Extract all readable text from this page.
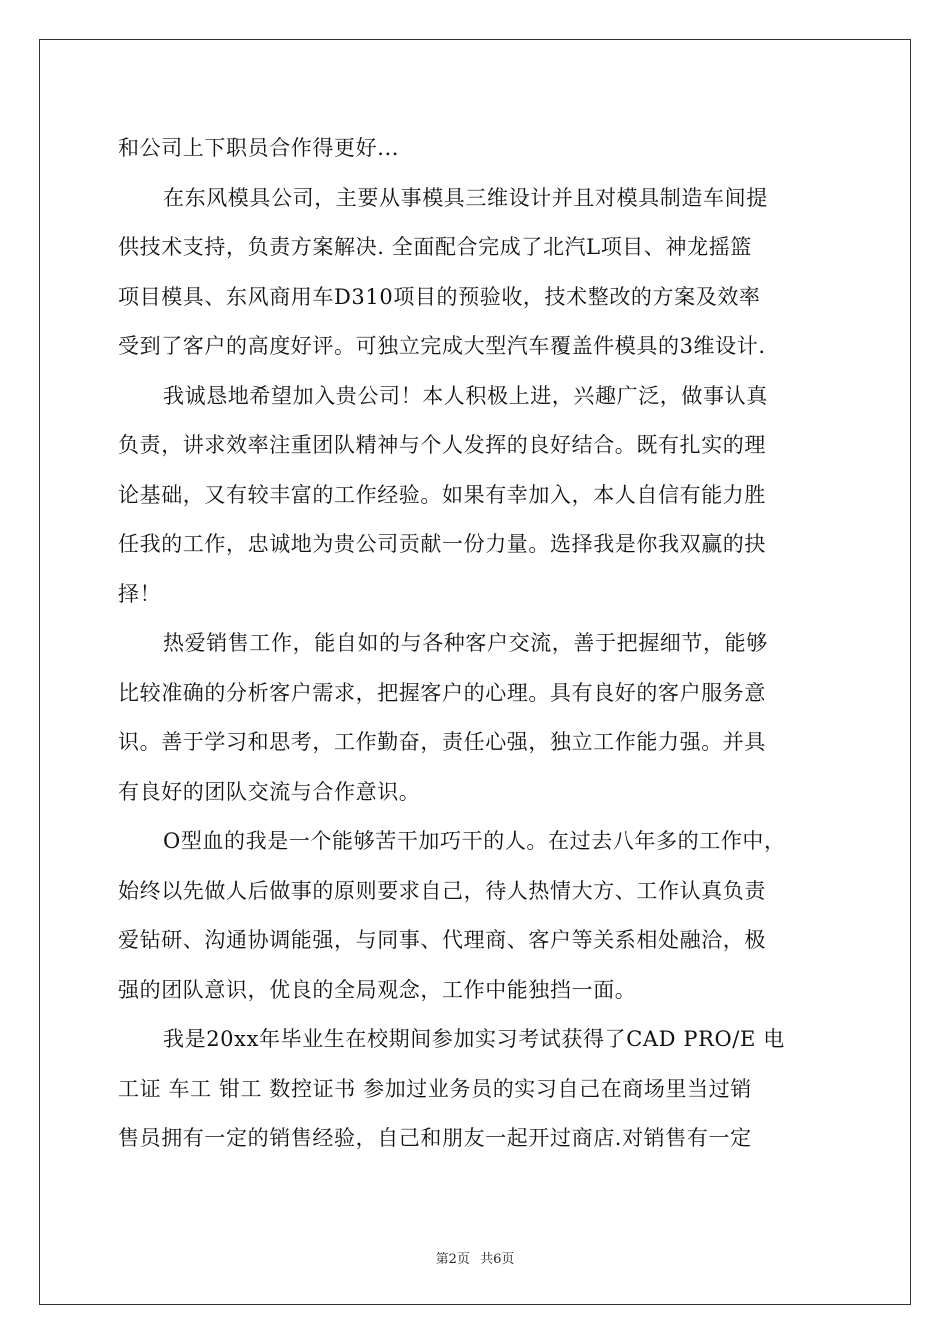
和公司上下职员合作得更好...
在东风模具公司，主要从事模具三维设计并且对模具制造车间提
供技术支持，负责方案解决. 全面配合完成了北汽L项目、神龙摇篮
项目模具、东风商用车D310项目的预验收，技术整改的方案及效率
受到了客户的高度好评。可独立完成大型汽车覆盖件模具的3维设计.
我诚恳地希望加入贵公司！本人积极上进，兴趣广泛，做事认真
负责，讲求效率注重团队精神与个人发挥的良好结合。既有扎实的理
论基础，又有较丰富的工作经验。如果有幸加入，本人自信有能力胜
任我的工作，忠诚地为贵公司贡献一份力量。选择我是你我双赢的抉
择！
热爱销售工作，能自如的与各种客户交流，善于把握细节，能够
比较准确的分析客户需求，把握客户的心理。具有良好的客户服务意
识。善于学习和思考，工作勤奋，责任心强，独立工作能力强。并具
有良好的团队交流与合作意识。
O型血的我是一个能够苦干加巧干的人。在过去八年多的工作中，
始终以先做人后做事的原则要求自己，待人热情大方、工作认真负责
爱钻研、沟通协调能强，与同事、代理商、客户等关系相处融洽，极
强的团队意识，优良的全局观念，工作中能独挡一面。
我是20xx年毕业生在校期间参加实习考试获得了CAD PRO/E 电
工证 车工 钳工 数控证书 参加过业务员的实习自己在商场里当过销
售员拥有一定的销售经验，自己和朋友一起开过商店.对销售有一定
第2页 共6页
